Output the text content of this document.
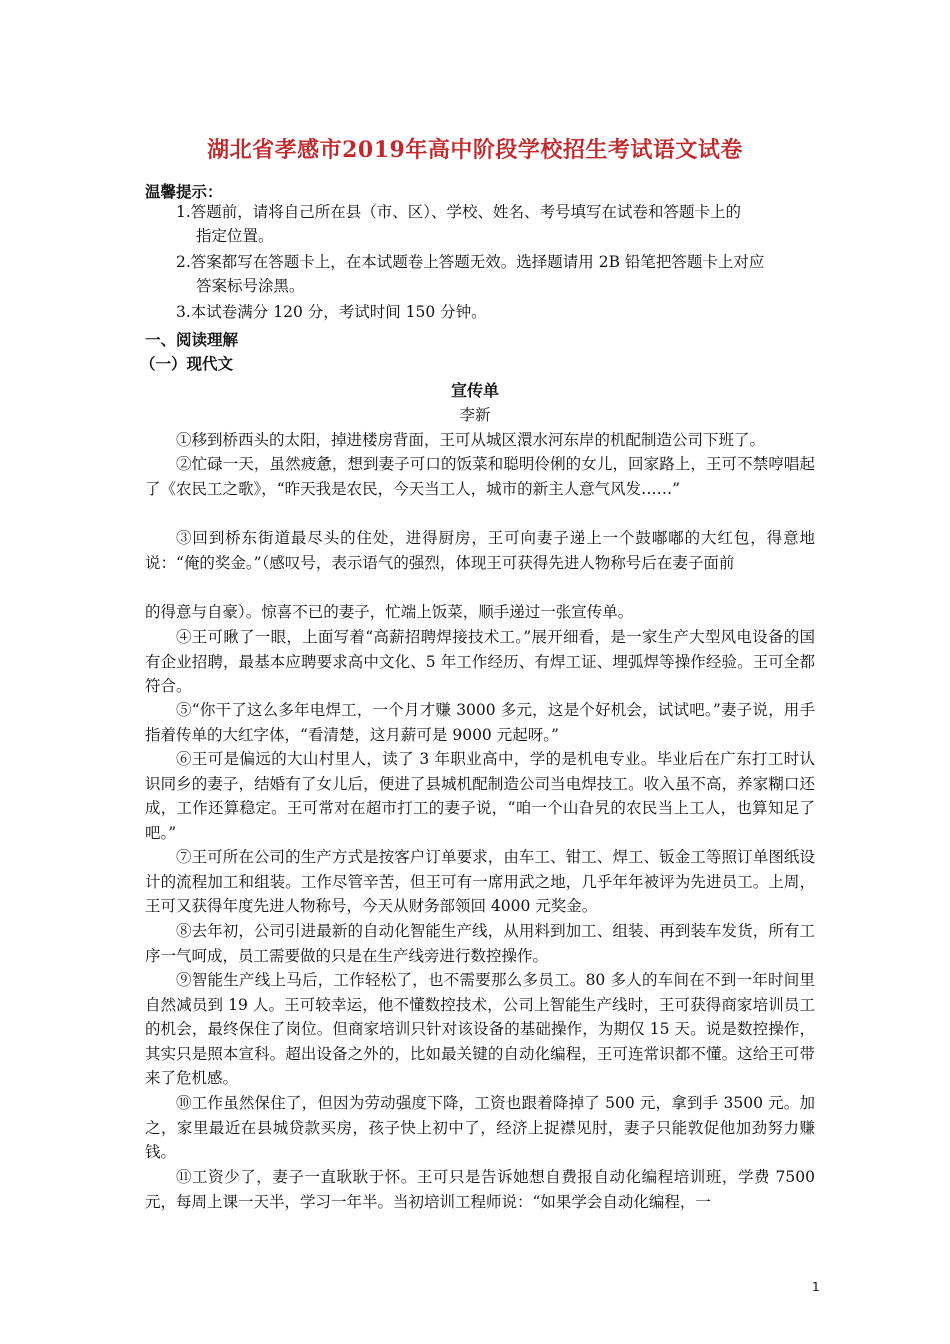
湖北省孝感市2019年高中阶段学校招生考试语文试卷
温馨提示：
1.答题前，请将自己所在县（市、区）、学校、姓名、考号填写在试卷和答题卡上的
指定位置。
2.答案都写在答题卡上，在本试题卷上答题无效。选择题请用 2B 铅笔把答题卡上对应
答案标号涂黑。
3.本试卷满分 120 分，考试时间 150 分钟。
一、阅读理解
（一）现代文
宣传单
李新

①移到桥西头的太阳，掉进楼房背面，王可从城区澴水河东岸的机配制造公司下班了。

②忙碌一天，虽然疲惫，想到妻子可口的饭菜和聪明伶俐的女儿，回家路上，王可不禁哼唱起了《农民工之歌》，“昨天我是农民，今天当工人，城市的新主人意气风发……”

③回到桥东街道最尽头的住处，进得厨房，王可向妻子递上一个鼓嘟嘟的大红包，得意地说：“俺的奖金。”（感叹号，表示语气的强烈，体现王可获得先进人物称号后在妻子面前

的得意与自豪）。惊喜不已的妻子，忙端上饭菜，顺手递过一张宣传单。

④王可瞅了一眼，上面写着“高薪招聘焊接技术工。”展开细看，是一家生产大型风电设备的国有企业招聘，最基本应聘要求高中文化、5 年工作经历、有焊工证、埋弧焊等操作经验。王可全都符合。

⑤“你干了这么多年电焊工，一个月才赚 3000 多元，这是个好机会，试试吧。”妻子说，用手指着传单的大红字体，“看清楚，这月薪可是 9000 元起呀。”

⑥王可是偏远的大山村里人，读了 3 年职业高中，学的是机电专业。毕业后在广东打工时认识同乡的妻子，结婚有了女儿后，便进了县城机配制造公司当电焊技工。收入虽不高，养家糊口还成，工作还算稳定。王可常对在超市打工的妻子说，“咱一个山旮旯的农民当上工人，也算知足了吧。”

⑦王可所在公司的生产方式是按客户订单要求，由车工、钳工、焊工、钣金工等照订单图纸设计的流程加工和组装。工作尽管辛苦，但王可有一席用武之地，几乎年年被评为先进员工。上周，王可又获得年度先进人物称号，今天从财务部领回 4000 元奖金。

⑧去年初，公司引进最新的自动化智能生产线，从用料到加工、组装、再到装车发货，所有工序一气呵成，员工需要做的只是在生产线旁进行数控操作。

⑨智能生产线上马后，工作轻松了，也不需要那么多员工。80 多人的车间在不到一年时间里自然减员到 19 人。王可较幸运，他不懂数控技术，公司上智能生产线时，王可获得商家培训员工的机会，最终保住了岗位。但商家培训只针对该设备的基础操作，为期仅 15 天。说是数控操作，其实只是照本宣科。超出设备之外的，比如最关键的自动化编程，王可连常识都不懂。这给王可带来了危机感。

⑩工作虽然保住了，但因为劳动强度下降，工资也跟着降掉了 500 元，拿到手 3500 元。加之，家里最近在县城贷款买房，孩子快上初中了，经济上捉襟见肘，妻子只能敦促他加劲努力赚钱。

⑪工资少了，妻子一直耿耿于怀。王可只是告诉她想自费报自动化编程培训班，学费 7500 元，每周上课一天半，学习一年半。当初培训工程师说：“如果学会自动化编程，一

1
